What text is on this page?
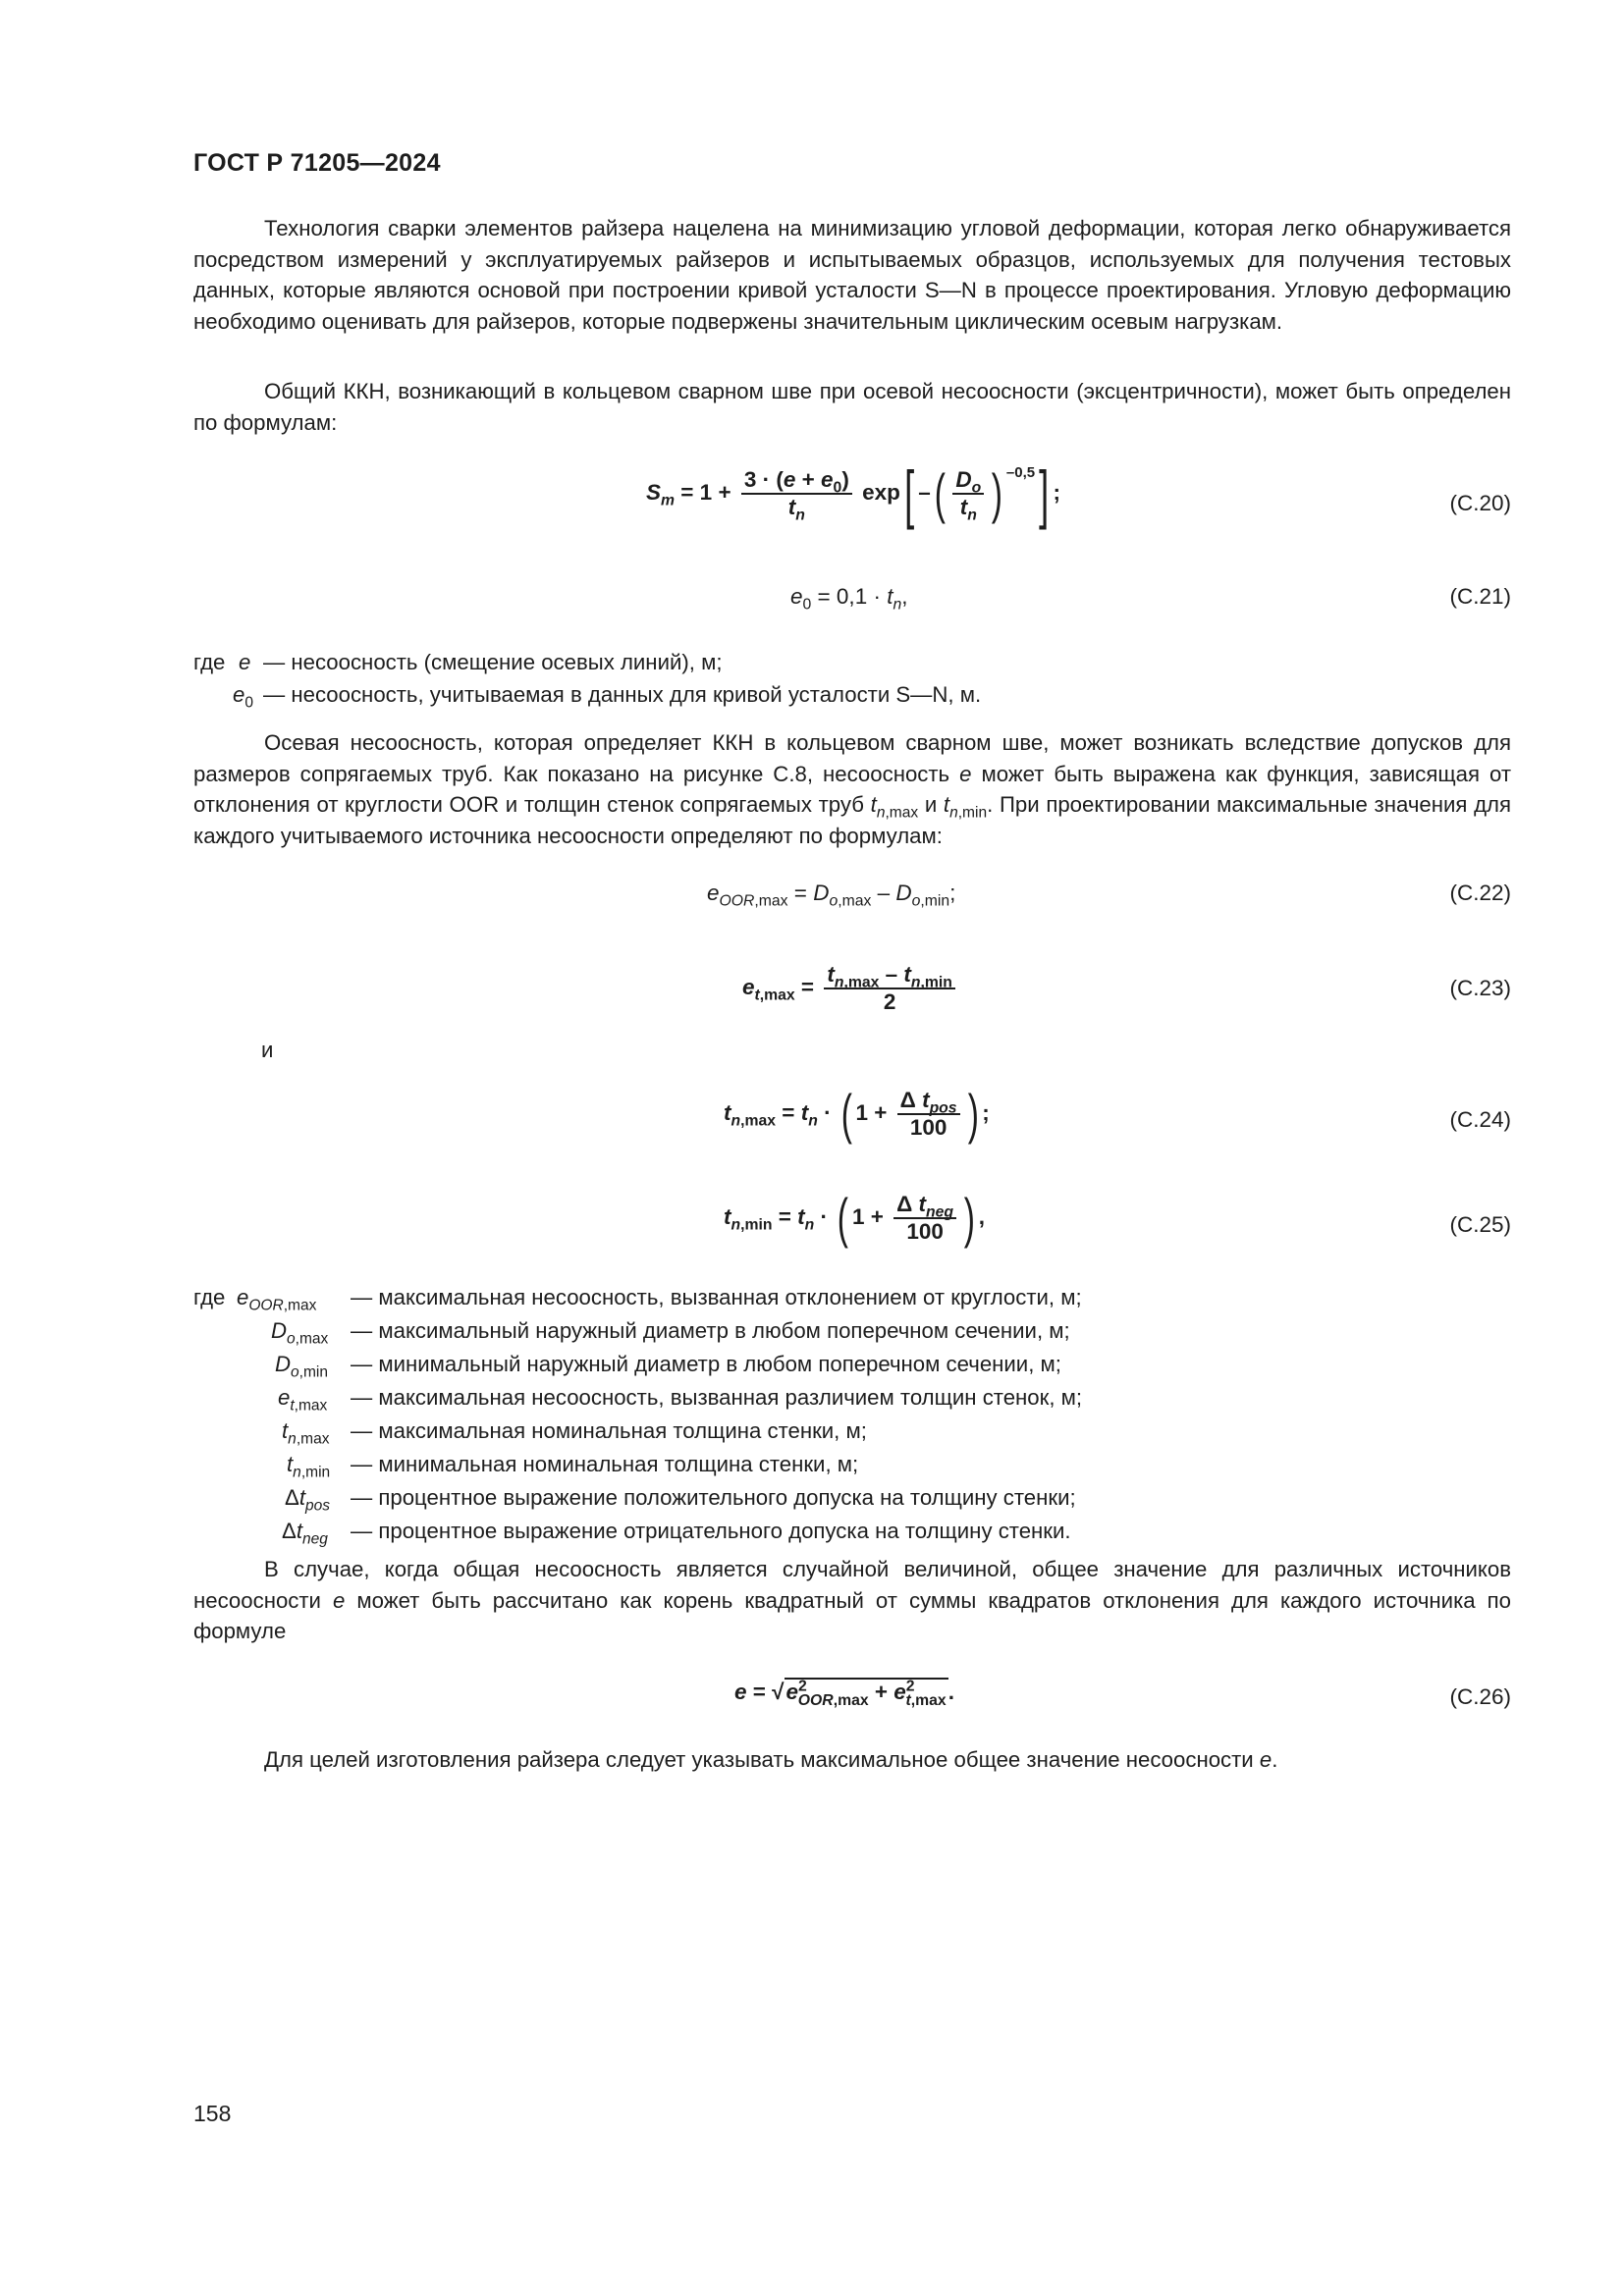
ГОСТ Р 71205—2024

Технология сварки элементов райзера нацелена на минимизацию угловой деформации, которая легко обнаруживается посредством измерений у эксплуатируемых райзеров и испытываемых образцов, используемых для получения тестовых данных, которые являются основой при построении кривой усталости S—N в процессе проектирования. Угловую деформацию необходимо оценивать для райзеров, которые подвержены значительным циклическим осевым нагрузкам.

Общий ККН, возникающий в кольцевом сварном шве при осевой несоосности (эксцентричности), может быть определен по формулам:

$S_m = 1 + \frac{3 \cdot (e + e_0)}{t_n} \exp$[ –( $\frac{D_o}{t_n}$ ) $^{-0,5}$] ;	(С.20)
$e_0 = 0,1 \cdot t_n$,	(С.21)
где e — несоосность (смещение осевых линий), м;
$e_0$ — несоосность, учитываемая в данных для кривой усталости S—N, м.

Осевая несоосность, которая определяет ККН в кольцевом сварном шве, может возникать вследствие допусков для размеров сопрягаемых труб. Как показано на рисунке С.8, несоосность e может быть выражена как функция, зависящая от отклонения от круглости OOR и толщин стенок сопрягаемых труб $t_{n,max}$ и $t_{n,min}$. При проектировании максимальные значения для каждого учитываемого источника несоосности определяют по формулам:

$e_{OOR,max} = D_{o,max} - D_{o,min}$;	(С.22)
$e_{t,max} = \frac{t_{n,max} - t_{n,min}}{2}$	(С.23)
и
$t_{n,max} = t_n$ · ( $1 + \frac{\Delta t_{pos}}{100}$ ) ;	(С.24)
$t_{n,min} = t_n$ · ( $1 + \frac{\Delta t_{neg}}{100}$ ) ,	(С.25)
где $e_{OOR,max}$ — максимальная несоосность, вызванная отклонением от круглости, м;
$D_{o,max}$ — максимальный наружный диаметр в любом поперечном сечении, м;
$D_{o,min}$ — минимальный наружный диаметр в любом поперечном сечении, м;
$e_{t,max}$ — максимальная несоосность, вызванная различием толщин стенок, м;
$t_{n,max}$ — максимальная номинальная толщина стенки, м;
$t_{n,min}$ — минимальная номинальная толщина стенки, м;
$\Delta t_{pos}$ — процентное выражение положительного допуска на толщину стенки;
$\Delta t_{neg}$ — процентное выражение отрицательного допуска на толщину стенки.

В случае, когда общая несоосность является случайной величиной, общее значение для различных источников несоосности e может быть рассчитано как корень квадратный от суммы квадратов отклонения для каждого источника по формуле

$e = √e^2_{OOR,max} + e^2_{t,max}$.	(С.26)

Для целей изготовления райзера следует указывать максимальное общее значение несоосности e.

158
